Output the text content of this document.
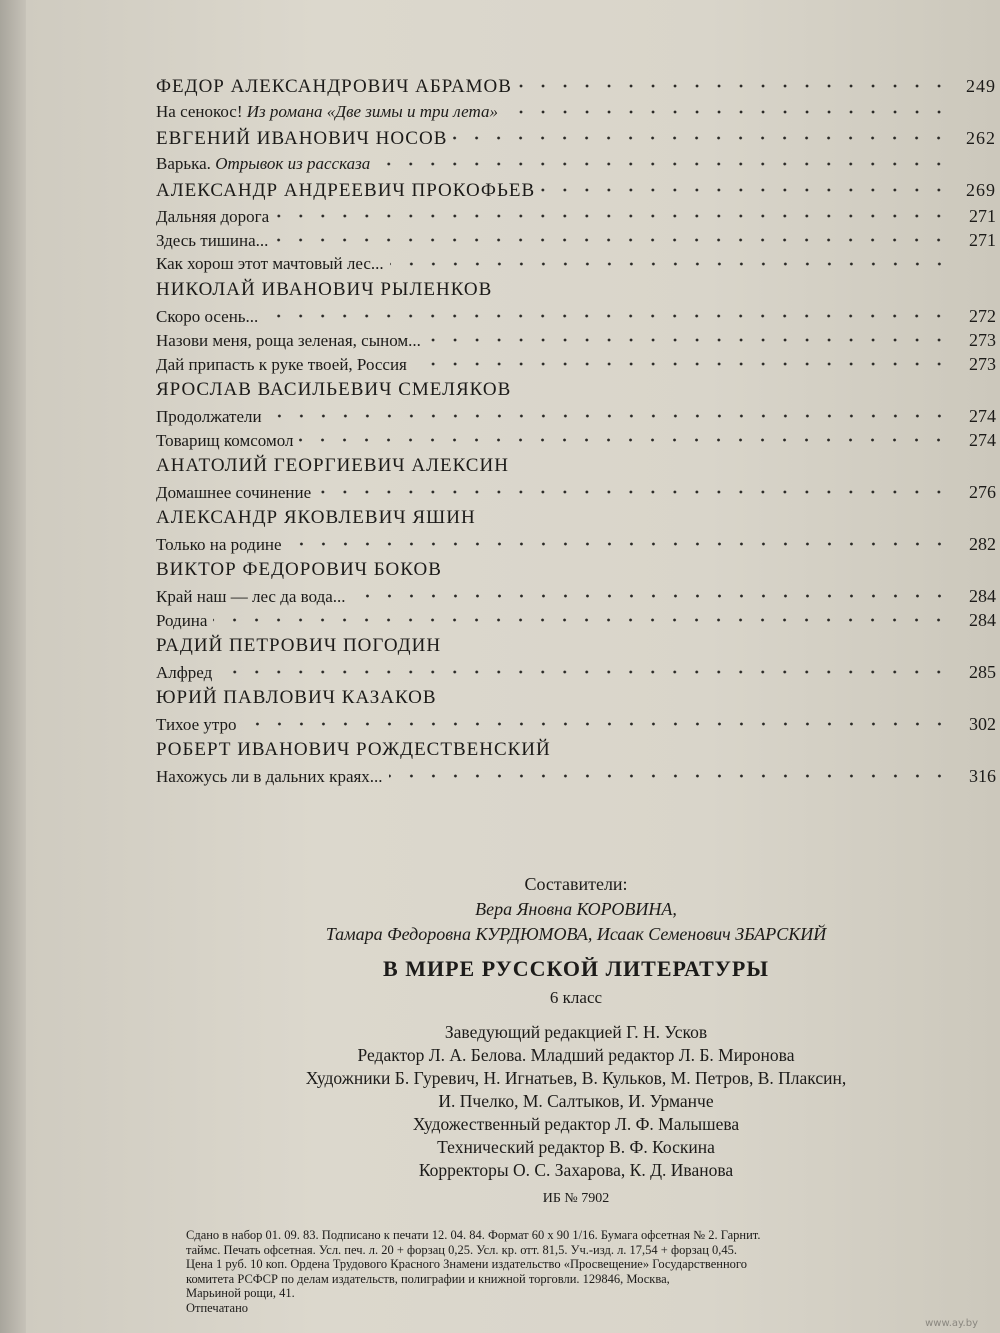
ФЕДОР АЛЕКСАНДРОВИЧ АБРАМОВ	249
На сенокос! Из романа «Две зимы и три лета»
ЕВГЕНИЙ ИВАНОВИЧ НОСОВ	262
Варька. Отрывок из рассказа
АЛЕКСАНДР АНДРЕЕВИЧ ПРОКОФЬЕВ	269
Дальняя дорога	271
Здесь тишина...	271
Как хорош этот мачтовый лес...
НИКОЛАЙ ИВАНОВИЧ РЫЛЕНКОВ
Скоро осень...	272
Назови меня, роща зеленая, сыном...	273
Дай припасть к руке твоей, Россия	273
ЯРОСЛАВ ВАСИЛЬЕВИЧ СМЕЛЯКОВ
Продолжатели	274
Товарищ комсомол	274
АНАТОЛИЙ ГЕОРГИЕВИЧ АЛЕКСИН
Домашнее сочинение	276
АЛЕКСАНДР ЯКОВЛЕВИЧ ЯШИН
Только на родине	282
ВИКТОР ФЕДОРОВИЧ БОКОВ
Край наш — лес да вода...	284
Родина	284
РАДИЙ ПЕТРОВИЧ ПОГОДИН
Алфред	285
ЮРИЙ ПАВЛОВИЧ КАЗАКОВ
Тихое утро	302
РОБЕРТ ИВАНОВИЧ РОЖДЕСТВЕНСКИЙ
Нахожусь ли в дальних краях...	316
Составители:
Вера Яновна КОРОВИНА,
Тамара Федоровна КУРДЮМОВА, Исаак Семенович ЗБАРСКИЙ
В МИРЕ РУССКОЙ ЛИТЕРАТУРЫ
6 класс
Заведующий редакцией Г. Н. Усков
Редактор Л. А. Белова. Младший редактор Л. Б. Миронова
Художники Б. Гуревич, Н. Игнатьев, В. Кульков, М. Петров, В. Плаксин,
И. Пчелко, М. Салтыков, И. Урманче
Художественный редактор Л. Ф. Малышева
Технический редактор В. Ф. Коскина
Корректоры О. С. Захарова, К. Д. Иванова
ИБ № 7902
Сдано в набор 01. 09. 83. Подписано к печати 12. 04. 84. Формат 60 x 90 1/16. Бумага офсетная № 2. Гарнит.
таймс. Печать офсетная. Усл. печ. л. 20 + форзац 0,25. Усл. кр. отт. 81,5. Уч.-изд. л. 17,54 + форзац 0,45.
Цена 1 руб. 10 коп. Ордена Трудового Красного Знамени издательство «Просвещение» Государственного
комитета РСФСР по делам издательств, полиграфии и книжной торговли. 129846, Москва,
Марьиной рощи, 41.
Отпечатано
www.ay.by
